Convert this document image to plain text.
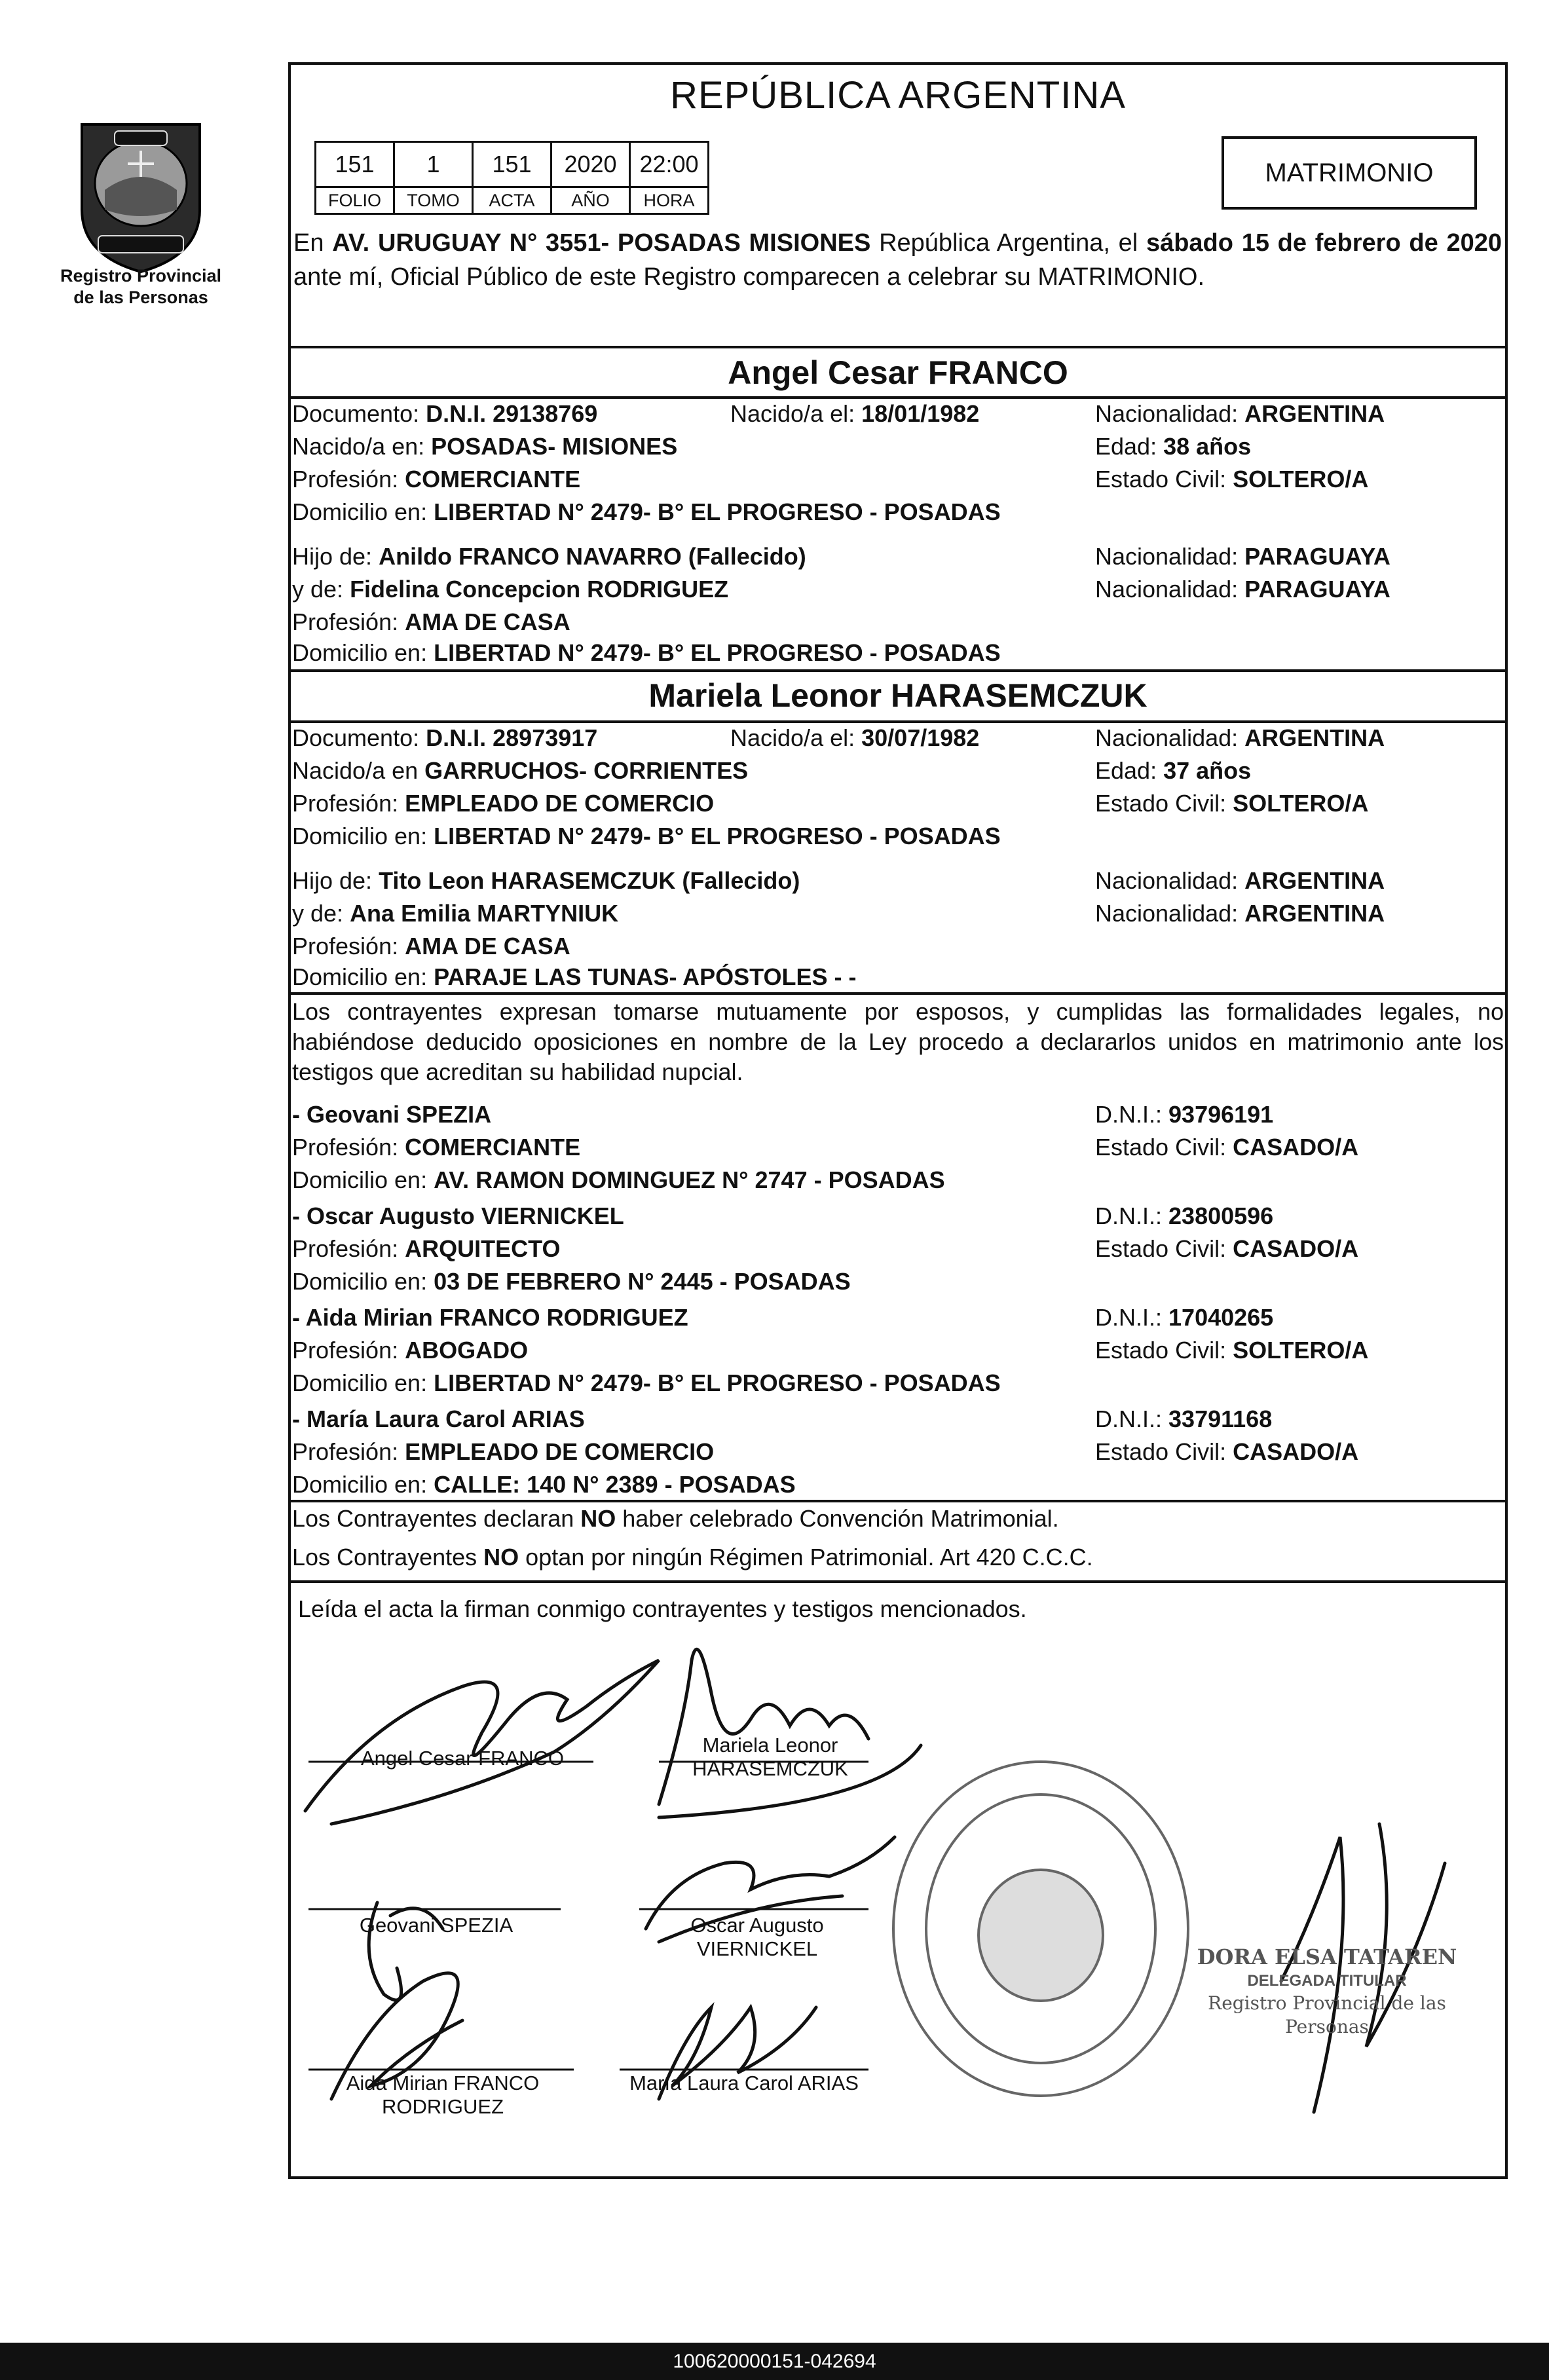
Registro Provincial
de las Personas
REPÚBLICA ARGENTINA
151	1	151	2020	22:00
FOLIO	TOMO	ACTA	AÑO	HORA
MATRIMONIO
En AV. URUGUAY N° 3551- POSADAS MISIONES República Argentina, el sábado 15 de febrero de 2020 ante mí, Oficial Público de este Registro comparecen a celebrar su MATRIMONIO.
Angel Cesar FRANCO
Documento: D.N.I. 29138769	Nacido/a el: 18/01/1982	Nacionalidad: ARGENTINA
Nacido/a en: POSADAS- MISIONES	Edad: 38 años
Profesión: COMERCIANTE	Estado Civil: SOLTERO/A
Domicilio en: LIBERTAD N° 2479- B° EL PROGRESO - POSADAS
Hijo de: Anildo FRANCO NAVARRO (Fallecido)	Nacionalidad: PARAGUAYA
y de: Fidelina Concepcion RODRIGUEZ	Nacionalidad: PARAGUAYA
Profesión: AMA DE CASA
Domicilio en: LIBERTAD N° 2479- B° EL PROGRESO - POSADAS
Mariela Leonor HARASEMCZUK
Documento: D.N.I. 28973917	Nacido/a el: 30/07/1982	Nacionalidad: ARGENTINA
Nacido/a en GARRUCHOS- CORRIENTES	Edad: 37 años
Profesión: EMPLEADO DE COMERCIO	Estado Civil: SOLTERO/A
Domicilio en: LIBERTAD N° 2479- B° EL PROGRESO - POSADAS
Hijo de: Tito Leon HARASEMCZUK (Fallecido)	Nacionalidad: ARGENTINA
y de: Ana Emilia MARTYNIUK	Nacionalidad: ARGENTINA
Profesión: AMA DE CASA
Domicilio en: PARAJE LAS TUNAS- APÓSTOLES - -
Los contrayentes expresan tomarse mutuamente por esposos, y cumplidas las formalidades legales, no habiéndose deducido oposiciones en nombre de la Ley procedo a declararlos unidos en matrimonio ante los testigos que acreditan su habilidad nupcial.
- Geovani SPEZIA	D.N.I.: 93796191
Profesión: COMERCIANTE	Estado Civil: CASADO/A
Domicilio en: AV. RAMON DOMINGUEZ N° 2747 - POSADAS
- Oscar Augusto VIERNICKEL	D.N.I.: 23800596
Profesión: ARQUITECTO	Estado Civil: CASADO/A
Domicilio en: 03 DE FEBRERO N° 2445 - POSADAS
- Aida Mirian FRANCO RODRIGUEZ	D.N.I.: 17040265
Profesión: ABOGADO	Estado Civil: SOLTERO/A
Domicilio en: LIBERTAD N° 2479- B° EL PROGRESO - POSADAS
- María Laura Carol ARIAS	D.N.I.: 33791168
Profesión: EMPLEADO DE COMERCIO	Estado Civil: CASADO/A
Domicilio en: CALLE: 140 N° 2389 - POSADAS
Los Contrayentes declaran NO haber celebrado Convención Matrimonial.
Los Contrayentes NO optan por ningún Régimen Patrimonial. Art 420 C.C.C.
Leída el acta la firman conmigo contrayentes y testigos mencionados.
Angel Cesar FRANCO
Mariela Leonor
HARASEMCZUK
Geovani SPEZIA	Oscar Augusto
VIERNICKEL
Aida Mirian FRANCO
RODRIGUEZ
María Laura Carol ARIAS
DORA ELSA TATAREN
DELEGADA TITULAR
Registro Provincial de las Personas
100620000151-042694
